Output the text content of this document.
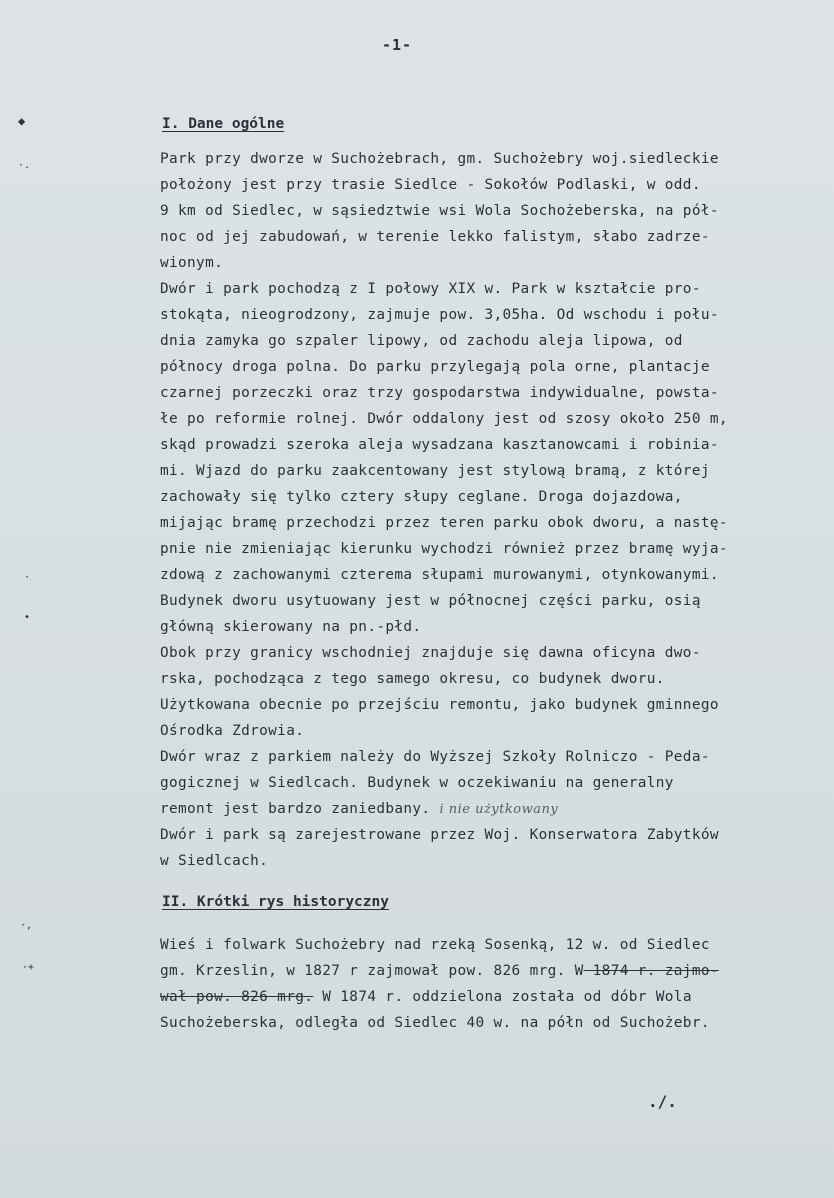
◆
·.
·
•
·,
·+
-1-
I. Dane ogólne
Park przy dworze w Suchożebrach, gm. Suchożebry woj.siedleckie
położony jest przy trasie Siedlce - Sokołów Podlaski, w odd.
9 km od Siedlec, w sąsiedztwie wsi Wola Sochożeberska, na pół-
noc od jej zabudowań, w terenie lekko falistym, słabo zadrze-
wionym.
Dwór i park pochodzą z I połowy XIX w. Park w kształcie pro-
stokąta, nieogrodzony, zajmuje pow. 3,05ha. Od wschodu i połu-
dnia zamyka go szpaler lipowy, od zachodu aleja lipowa, od
północy droga polna. Do parku przylegają pola orne, plantacje
czarnej porzeczki oraz trzy gospodarstwa indywidualne, powsta-
łe po reformie rolnej. Dwór oddalony jest od szosy około 250 m,
skąd prowadzi szeroka aleja wysadzana kasztanowcami i robinia-
mi. Wjazd do parku zaakcentowany jest stylową bramą, z której
zachowały się tylko cztery słupy ceglane. Droga dojazdowa,
mijając bramę przechodzi przez teren parku obok dworu, a nastę-
pnie nie zmieniając kierunku wychodzi również przez bramę wyja-
zdową z zachowanymi czterema słupami murowanymi, otynkowanymi.
Budynek dworu usytuowany jest w północnej części parku, osią
główną skierowany na pn.-płd.
Obok przy granicy wschodniej znajduje się dawna oficyna dwo-
rska, pochodząca z tego samego okresu, co budynek dworu.
Użytkowana obecnie po przejściu remontu, jako budynek gminnego
Ośrodka Zdrowia.
Dwór wraz z parkiem należy do Wyższej Szkoły Rolniczo - Peda-
gogicznej w Siedlcach. Budynek w oczekiwaniu na generalny
remont jest bardzo zaniedbany. i nie użytkowany
Dwór i park są zarejestrowane przez Woj. Konserwatora Zabytków
w Siedlcach.
II. Krótki rys historyczny
Wieś i folwark Suchożebry nad rzeką Sosenką, 12 w. od Siedlec
gm. Krzeslin, w 1827 r zajmował pow. 826 mrg. W 1874 r. zajmo-
wał pow. 826 mrg. W 1874 r. oddzielona została od dóbr Wola
Suchożeberska, odległa od Siedlec 40 w. na półn od Suchożebr.
./.
